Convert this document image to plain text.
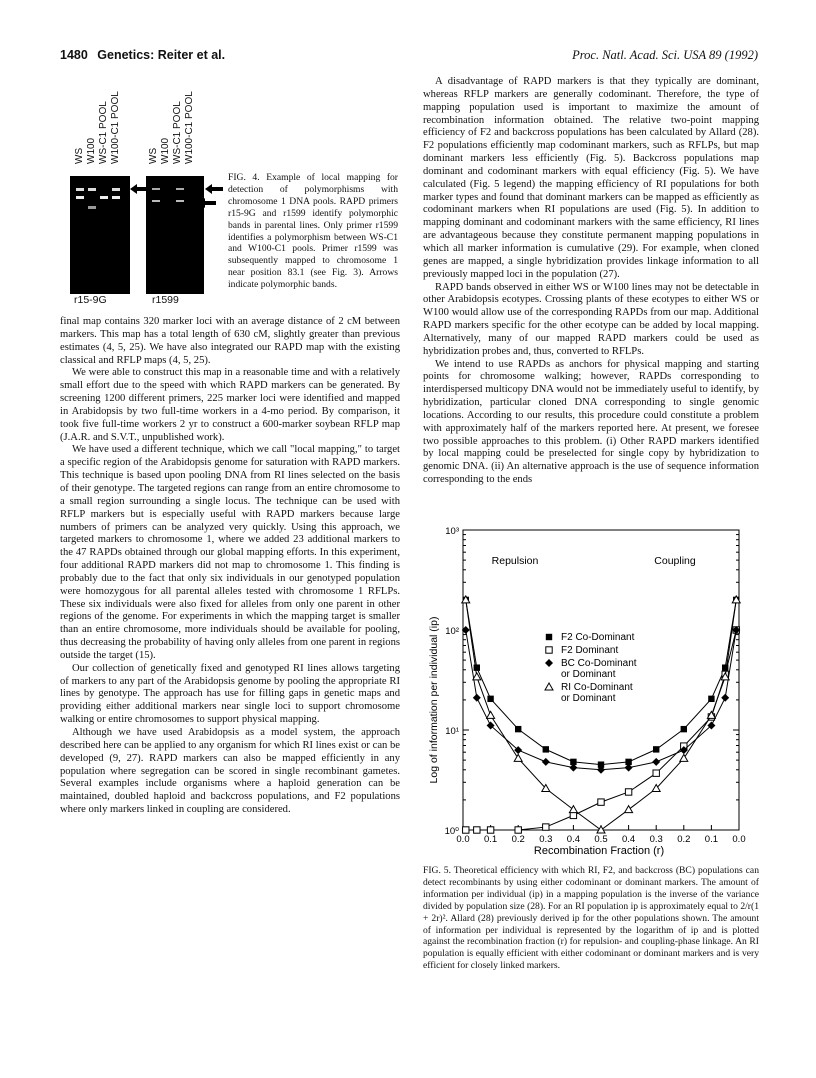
1480 Genetics: Reiter et al.	Proc. Natl. Acad. Sci. USA 89 (1992)
WS W100 WS-C1 POOL W100-C1 POOL	WS W100 WS-C1 POOL W100-C1 POOL
r15-9G	r1599
FIG. 4. Example of local mapping for detection of polymorphisms with chromosome 1 DNA pools. RAPD primers r15-9G and r1599 identify polymorphic bands in parental lines. Only primer r1599 identifies a polymorphism between WS-C1 and W100-C1 pools. Primer r1599 was subsequently mapped to chromosome 1 near position 83.1 (see Fig. 3). Arrows indicate polymorphic bands.

final map contains 320 marker loci with an average distance of 2 cM between markers. This map has a total length of 630 cM, slightly greater than previous estimates (4, 5, 25). We have also integrated our RAPD map with the existing classical and RFLP maps (4, 5, 25).

We were able to construct this map in a reasonable time and with a relatively small effort due to the speed with which RAPD markers can be generated. By screening 1200 different primers, 225 marker loci were identified and mapped in Arabidopsis by two full-time workers in a 4-mo period. By comparison, it took five full-time workers 2 yr to construct a 600-marker soybean RFLP map (J.A.R. and S.V.T., unpublished work).

We have used a different technique, which we call "local mapping," to target a specific region of the Arabidopsis genome for saturation with RAPD markers. This technique is based upon pooling DNA from RI lines selected on the basis of their genotype. The targeted regions can range from an entire chromosome to a small region surrounding a single locus. The technique can be used with RFLP markers but is especially useful with RAPD markers because large numbers of primers can be analyzed very quickly. Using this approach, we targeted markers to chromosome 1, where we added 23 additional markers to the 47 RAPDs obtained through our global mapping efforts. In this experiment, four additional RAPD markers did not map to chromosome 1. This finding is probably due to the fact that only six individuals in our genotyped population were homozygous for all parental alleles tested with chromosome 1 RFLPs. These six individuals were also fixed for alleles from only one parent in other regions of the genome. For experiments in which the mapping target is smaller than an entire chromosome, more individuals should be available for pooling, thus decreasing the probability of having only alleles from one parent in regions outside the target (15).

Our collection of genetically fixed and genotyped RI lines allows targeting of markers to any part of the Arabidopsis genome by pooling the appropriate RI lines by genotype. The approach has use for filling gaps in genetic maps and providing either additional markers near single loci to support chromosome walking or entire chromosomes to support physical mapping.

Although we have used Arabidopsis as a model system, the approach described here can be applied to any organism for which RI lines exist or can be developed (9, 27). RAPD markers can also be mapped efficiently in any population where segregation can be scored in single recombinant gametes. Several examples include organisms where a haploid generation can be maintained, doubled haploid and backcross populations, and F2 populations where only markers linked in coupling are considered.

A disadvantage of RAPD markers is that they typically are dominant, whereas RFLP markers are generally codominant. Therefore, the type of mapping population used is important to maximize the amount of recombination information obtained. The relative two-point mapping efficiency of F2 and backcross populations has been calculated by Allard (28). F2 populations efficiently map codominant markers, such as RFLPs, but map dominant markers less efficiently (Fig. 5). Backcross populations map dominant and codominant markers with equal efficiency (Fig. 5). We have calculated (Fig. 5 legend) the mapping efficiency of RI populations for both marker types and found that dominant markers can be mapped as efficiently as codominant markers when RI populations are used (Fig. 5). In addition to mapping dominant and codominant markers with the same efficiency, RI lines are advantageous because they constitute permanent mapping populations in which all marker information is cumulative (29). For example, when cloned genes are mapped, a single hybridization provides linkage information to all previously mapped loci in the population (27).

RAPD bands observed in either WS or W100 lines may not be detectable in other Arabidopsis ecotypes. Crossing plants of these ecotypes to either WS or W100 would allow use of the corresponding RAPDs from our map. Additional RAPD markers specific for the other ecotype can be added by local mapping. Alternatively, many of our mapped RAPD markers could be used as hybridization probes and, thus, converted to RFLPs.

We intend to use RAPDs as anchors for physical mapping and starting points for chromosome walking; however, RAPDs corresponding to interdispersed multicopy DNA would not be immediately useful to identify, by hybridization, particular cloned DNA corresponding to single genomic locations. According to our results, this procedure could constitute a problem with approximately half of the markers reported here. At present, we foresee two possible approaches to this problem. (i) Other RAPD markers identified by local mapping could be preselected for single copy by hybridization to genomic DNA. (ii) An alternative approach is the use of sequence information corresponding to the ends

10⁰
10¹
10²
10³
0.0 0.1 0.2 0.3 0.4 0.5 0.4 0.3 0.2 0.1 0.0
Log of information per individual (ip)
Recombination Fraction (r)
Repulsion	Coupling
F2 Co-Dominant
F2 Dominant
BC Co-Dominant
or Dominant
RI Co-Dominant
or Dominant
FIG. 5. Theoretical efficiency with which RI, F2, and backcross (BC) populations can detect recombinants by using either codominant or dominant markers. The amount of information per individual (ip) in a mapping population is the inverse of the variance divided by population size (28). For an RI population ip is approximately equal to 2/r(1 + 2r)². Allard (28) previously derived ip for the other populations shown. The amount of information per individual is represented by the logarithm of ip and is plotted against the recombination fraction (r) for repulsion- and coupling-phase linkage. An RI population is equally efficient with either codominant or dominant markers and is very efficient for closely linked markers.
